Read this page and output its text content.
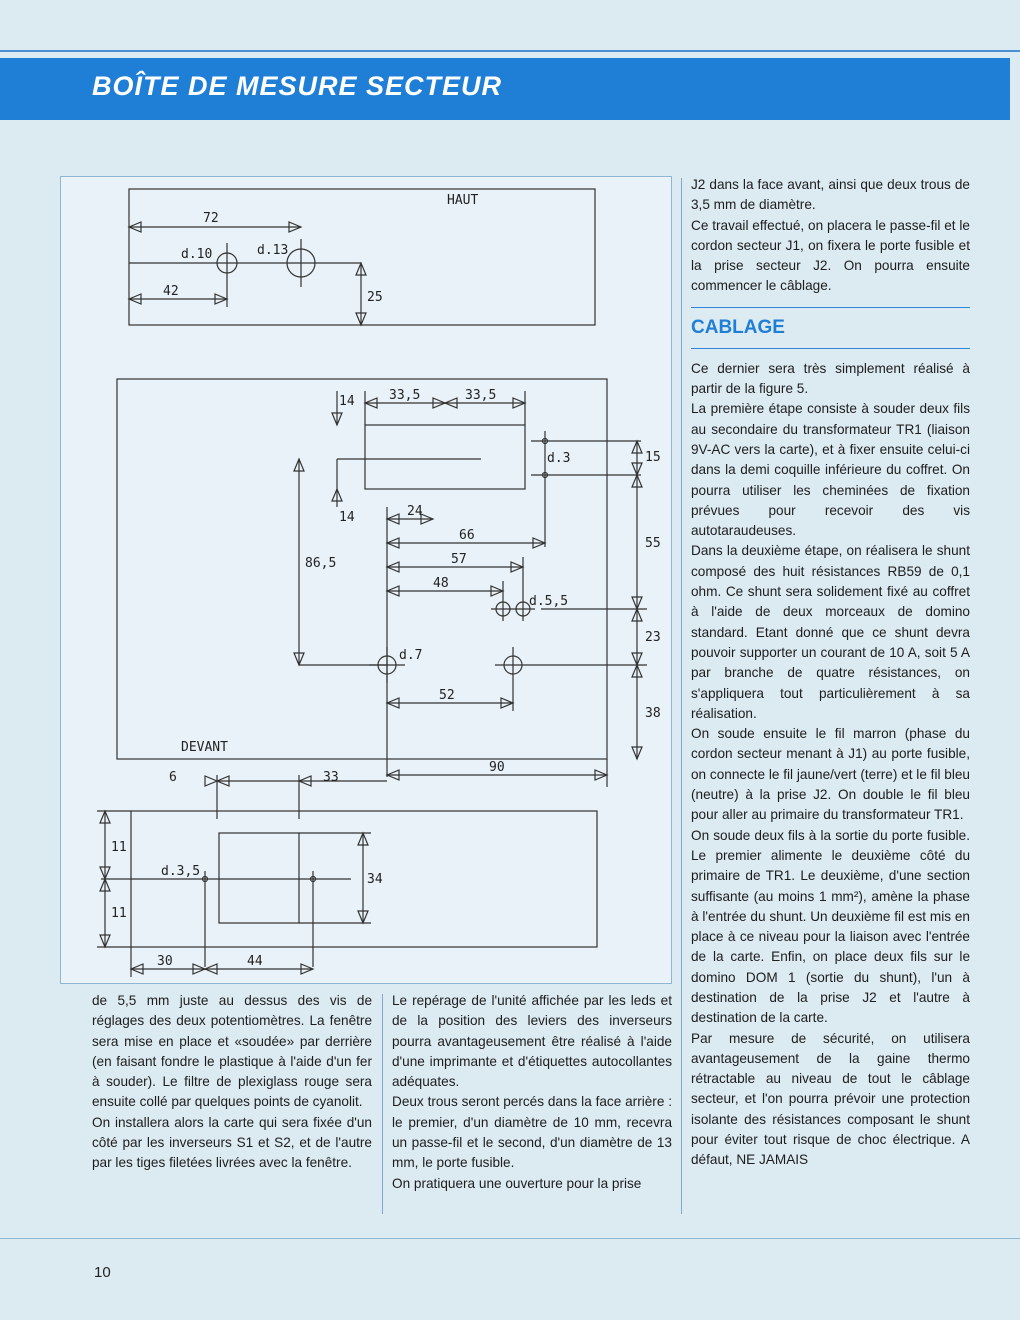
BOÎTE DE MESURE SECTEUR
HAUT
72
d.10	d.13
42	25
33,5	33,5
14
14
d.3	15
24
66
57
48
d.5,5
86,5
55
23
d.7
52
38
DEVANT
6	33
90
d.3,5
11
11
34
30	44

de 5,5 mm juste au dessus des vis de réglages des deux potentiomètres. La fenêtre sera mise en place et «soudée» par derrière (en faisant fondre le plastique à l'aide d'un fer à souder). Le filtre de plexiglass rouge sera ensuite collé par quelques points de cyanolit.

On installera alors la carte qui sera fixée d'un côté par les inverseurs S1 et S2, et de l'autre par les tiges filetées livrées avec la fenêtre.

Le repérage de l'unité affichée par les leds et de la position des leviers des inverseurs pourra avantageusement être réalisé à l'aide d'une imprimante et d'étiquettes autocollantes adéquates.

Deux trous seront percés dans la face arrière : le premier, d'un diamètre de 10 mm, recevra un passe-fil et le second, d'un diamètre de 13 mm, le porte fusible.

On pratiquera une ouverture pour la prise

J2 dans la face avant, ainsi que deux trous de 3,5 mm de diamètre.

Ce travail effectué, on placera le passe-fil et le cordon secteur J1, on fixera le porte fusible et la prise secteur J2. On pourra ensuite commencer le câblage.

CABLAGE

Ce dernier sera très simplement réalisé à partir de la figure 5.

La première étape consiste à souder deux fils au secondaire du transformateur TR1 (liaison 9V-AC vers la carte), et à fixer ensuite celui-ci dans la demi coquille inférieure du coffret. On pourra utiliser les cheminées de fixation prévues pour recevoir des vis autotaraudeuses.

Dans la deuxième étape, on réalisera le shunt composé des huit résistances RB59 de 0,1 ohm. Ce shunt sera solidement fixé au coffret à l'aide de deux morceaux de domino standard. Etant donné que ce shunt devra pouvoir supporter un courant de 10 A, soit 5 A par branche de quatre résistances, on s'appliquera tout particulièrement à sa réalisation.

On soude ensuite le fil marron (phase du cordon secteur menant à J1) au porte fusible, on connecte le fil jaune/vert (terre) et le fil bleu (neutre) à la prise J2. On double le fil bleu pour aller au primaire du transformateur TR1.

On soude deux fils à la sortie du porte fusible. Le premier alimente le deuxième côté du primaire de TR1. Le deuxième, d'une section suffisante (au moins 1 mm²), amène la phase à l'entrée du shunt. Un deuxième fil est mis en place à ce niveau pour la liaison avec l'entrée de la carte. Enfin, on place deux fils sur le domino DOM 1 (sortie du shunt), l'un à destination de la prise J2 et l'autre à destination de la carte.

Par mesure de sécurité, on utilisera avantageusement de la gaine thermo rétractable au niveau de tout le câblage secteur, et l'on pourra prévoir une protection isolante des résistances composant le shunt pour éviter tout risque de choc électrique. A défaut, NE JAMAIS

10
